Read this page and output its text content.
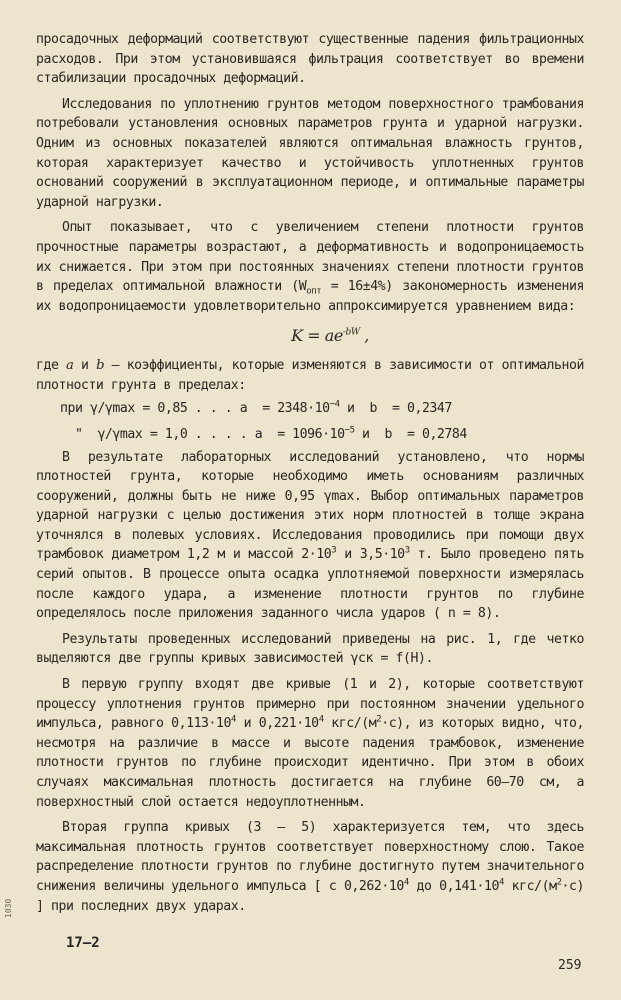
просадочных деформаций соответствуют существенные падения фильтрационных расходов. При этом установившаяся фильтрация соответствует во времени стабилизации просадочных деформаций.

Исследования по уплотнению грунтов методом поверхностного трамбования потребовали установления основных параметров грунта и ударной нагрузки. Одним из основных показателей являются оптимальная влажность грунтов, которая характеризует качество и устойчивость уплотненных грунтов оснований сооружений в эксплуатационном периоде, и оптимальные параметры ударной нагрузки.

Опыт показывает, что с увеличением степени плотности грунтов прочностные параметры возрастают, а деформативность и водопроницаемость их снижается. При этом при постоянных значениях степени плотности грунтов в пределах оптимальной влажности $(W_{опт} = 16\pm 4\%)$ закономерность изменения их водопроницаемости удовлетворительно аппроксимируется уравнением вида:

$K = ae^{-bW}$ ,

где a и b – коэффициенты, которые изменяются в зависимости от оптимальной плотности грунта в пределах:

при γ/γmax = 0,85 . . . $a = 2348\cdot 10^{-4}$ и  b  = 0,2347
"  γ/γmax = 1,0 . . . . $a = 1096\cdot 10^{-5}$ и  b  = 0,2784

В результате лабораторных исследований установлено, что нормы плотностей грунта, которые необходимо иметь основаниям различных сооружений, должны быть не ниже 0,95 γmax. Выбор оптимальных параметров ударной нагрузки с целью достижения этих норм плотностей в толще экрана уточнялся в полевых условиях. Исследования проводились при помощи двух трамбовок диаметром 1,2 м и массой $2\cdot 10^3$ и $3,5\cdot 10^3$ т. Было проведено пять серий опытов. В процессе опыта осадка уплотняемой поверхности измерялась после каждого удара, а изменение плотности грунтов по глубине определялось после приложения заданного числа ударов ( n = 8).

Результаты проведенных исследований приведены на рис. 1, где четко выделяются две группы кривых зависимостей γск = f(H).

В первую группу входят две кривые (1 и 2), которые соответствуют процессу уплотнения грунтов примерно при постоянном значении удельного импульса, равного $0,113\cdot 10^4$ и $0,221\cdot 10^4$ кгс/$(м^2\cdot с)$, из которых видно, что, несмотря на различие в массе и высоте падения трамбовок, изменение плотности грунтов по глубине происходит идентично. При этом в обоих случаях максимальная плотность достигается на глубине 60–70 см, а поверхностный слой остается недоуплотненным.

Вторая группа кривых (3 – 5) характеризуется тем, что здесь максимальная плотность грунтов соответствует поверхностному слою. Такое распределение плотности грунтов по глубине достигнуто путем значительного снижения величины удельного импульса [ с $0,262\cdot 10^4$ до $0,141\cdot 10^4$ кгс/$(м^2\cdot с)$ ] при последних двух ударах.

1030
17–2
259
